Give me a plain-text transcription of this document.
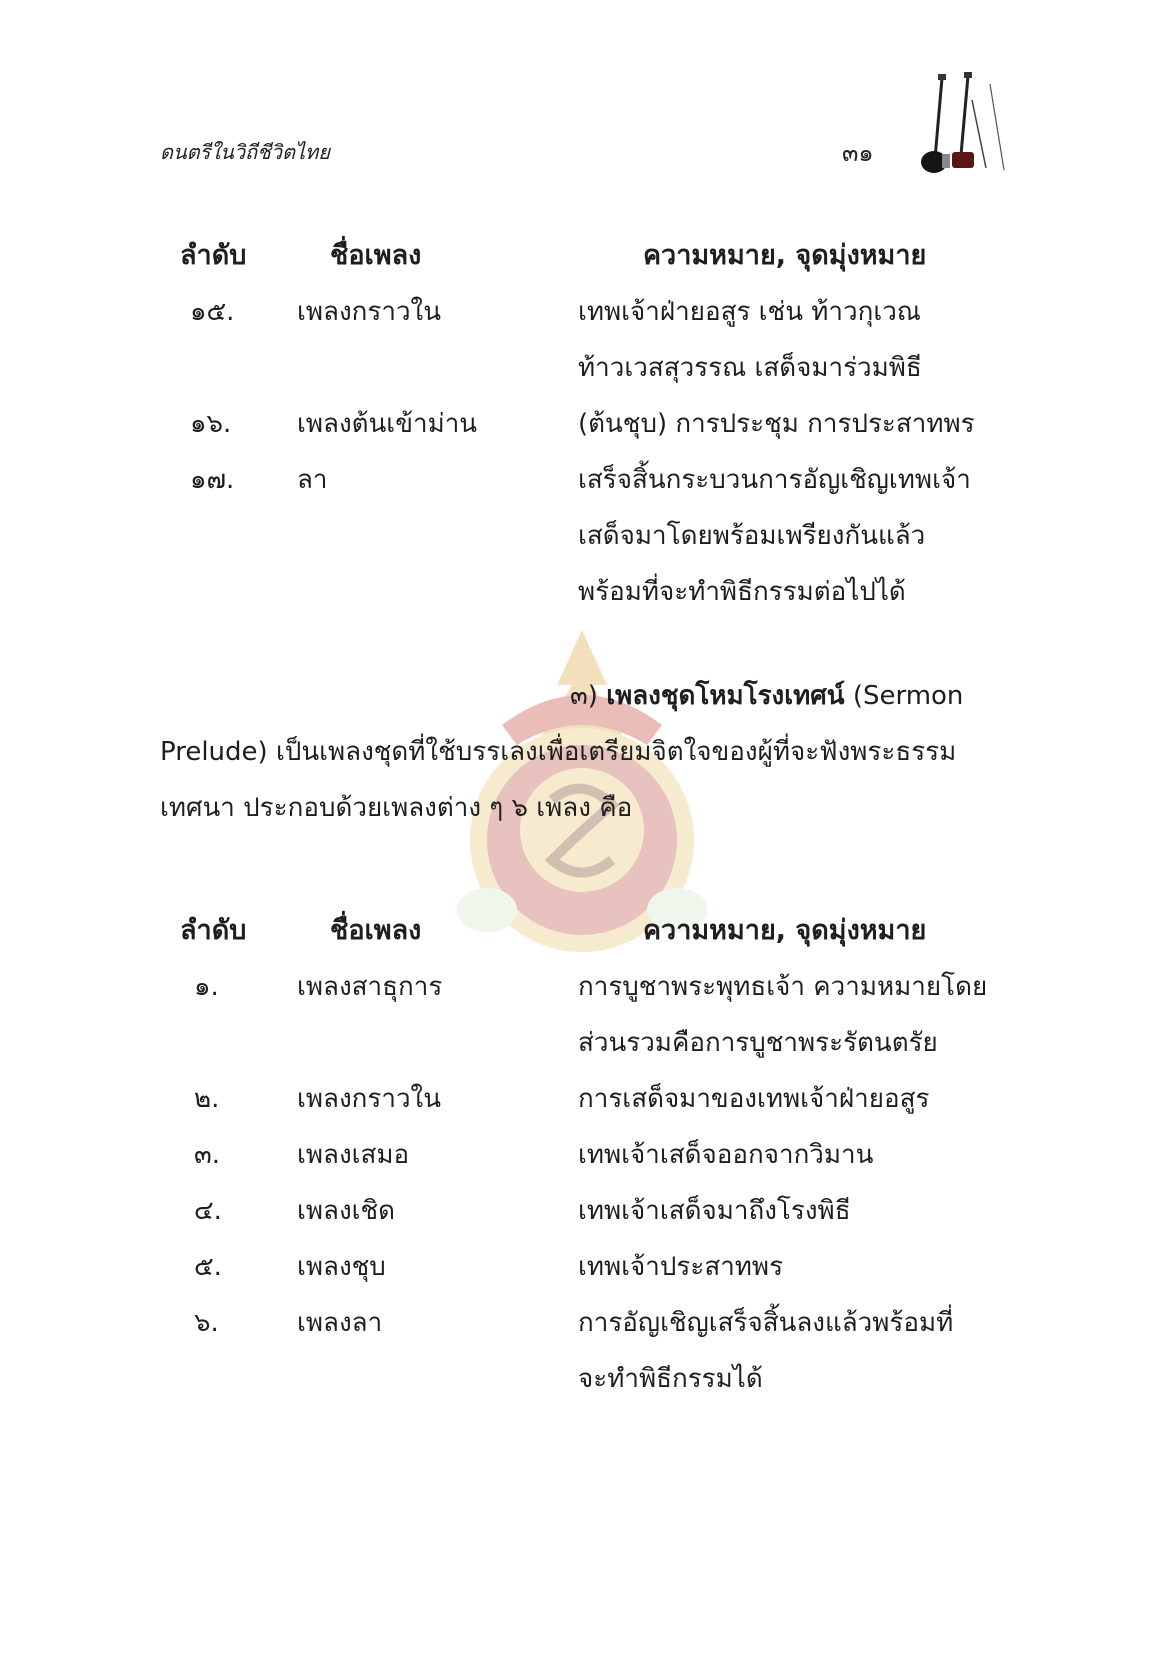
ดนตรีในวิถีชีวิตไทย	๓๑
ลำดับ	ชื่อเพลง	ความหมาย, จุดมุ่งหมาย
๑๕.	เพลงกราวใน	เทพเจ้าฝ่ายอสูร เช่น ท้าวกุเวณ
ท้าวเวสสุวรรณ เสด็จมาร่วมพิธี
๑๖.	เพลงต้นเข้าม่าน	(ต้นชุบ) การประชุม การประสาทพร
๑๗.	ลา	เสร็จสิ้นกระบวนการอัญเชิญเทพเจ้า
เสด็จมาโดยพร้อมเพรียงกันแล้ว
พร้อมที่จะทำพิธีกรรมต่อไปได้
๓) เพลงชุดโหมโรงเทศน์ (Sermon
Prelude) เป็นเพลงชุดที่ใช้บรรเลงเพื่อเตรียมจิตใจของผู้ที่จะฟังพระธรรม
เทศนา ประกอบด้วยเพลงต่าง ๆ ๖ เพลง คือ
ลำดับ	ชื่อเพลง	ความหมาย, จุดมุ่งหมาย
๑.	เพลงสาธุการ	การบูชาพระพุทธเจ้า ความหมายโดย
ส่วนรวมคือการบูชาพระรัตนตรัย
๒.	เพลงกราวใน	การเสด็จมาของเทพเจ้าฝ่ายอสูร
๓.	เพลงเสมอ	เทพเจ้าเสด็จออกจากวิมาน
๔.	เพลงเชิด	เทพเจ้าเสด็จมาถึงโรงพิธี
๕.	เพลงชุบ	เทพเจ้าประสาทพร
๖.	เพลงลา	การอัญเชิญเสร็จสิ้นลงแล้วพร้อมที่
จะทำพิธีกรรมได้
